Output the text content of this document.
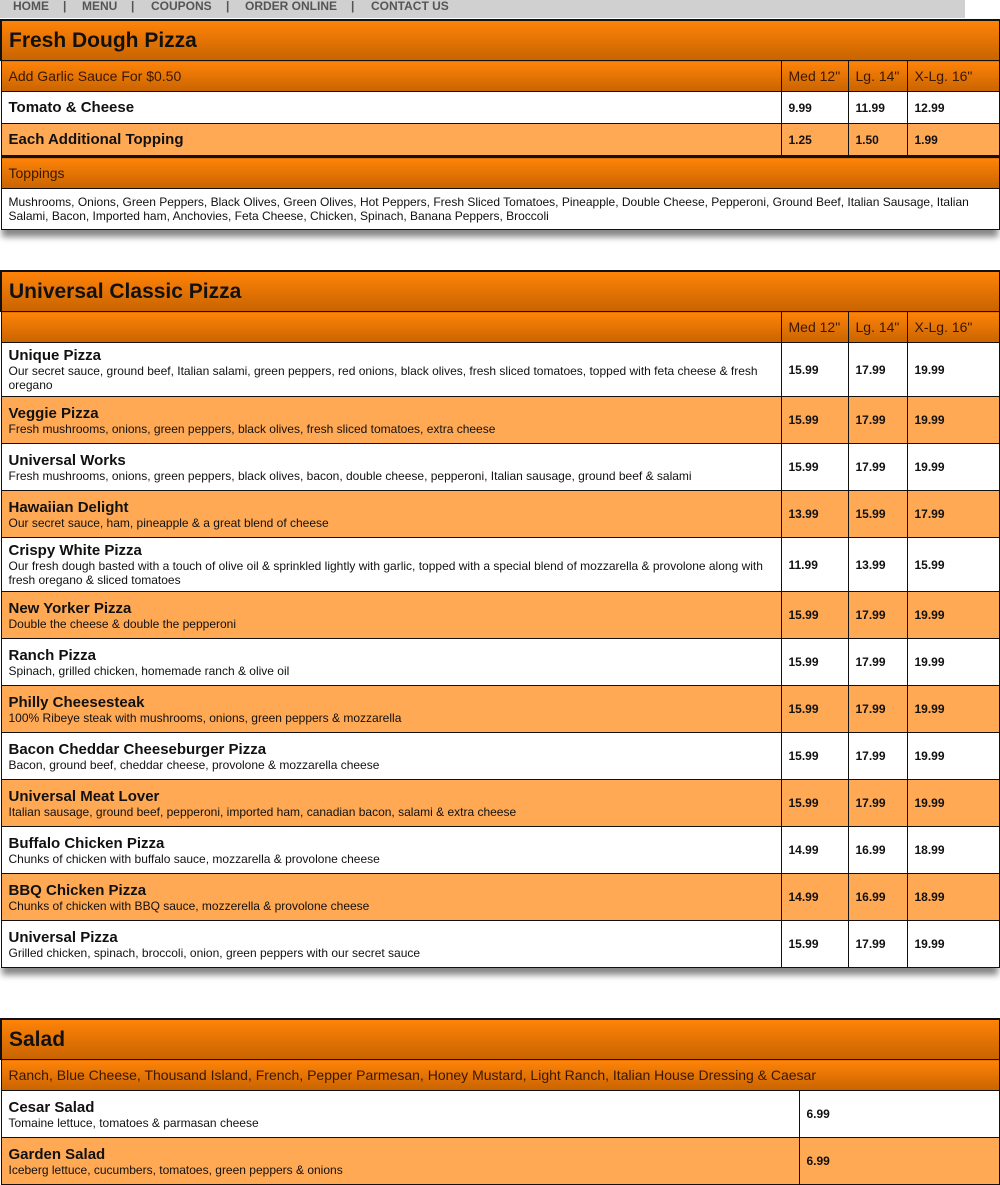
HOME | MENU | COUPONS | ORDER ONLINE | CONTACT US
Fresh Dough Pizza			
Add Garlic Sauce For $0.50	Med 12"	Lg. 14"	X-Lg. 16"
Tomato & Cheese	9.99	11.99	12.99
Each Additional Topping	1.25	1.50	1.99
Toppings			
Mushrooms, Onions, Green Peppers, Black Olives, Green Olives, Hot Peppers, Fresh Sliced Tomatoes, Pineapple, Double Cheese, Pepperoni, Ground Beef, Italian Sausage, Italian Salami, Bacon, Imported ham, Anchovies, Feta Cheese, Chicken, Spinach, Banana Peppers, Broccoli			
Universal Classic Pizza			
	Med 12"	Lg. 14"	X-Lg. 16"

Unique Pizza
Our secret sauce, ground beef, Italian salami, green peppers, red onions, black olives, fresh sliced tomatoes, topped with feta cheese & fresh oregano	15.99	17.99	19.99

Veggie Pizza
Fresh mushrooms, onions, green peppers, black olives, fresh sliced tomatoes, extra cheese	15.99	17.99	19.99

Universal Works
Fresh mushrooms, onions, green peppers, black olives, bacon, double cheese, pepperoni, Italian sausage, ground beef & salami	15.99	17.99	19.99

Hawaiian Delight
Our secret sauce, ham, pineapple & a great blend of cheese	13.99	15.99	17.99

Crispy White Pizza
Our fresh dough basted with a touch of olive oil & sprinkled lightly with garlic, topped with a special blend of mozzarella & provolone along with fresh oregano & sliced tomatoes	11.99	13.99	15.99

New Yorker Pizza
Double the cheese & double the pepperoni	15.99	17.99	19.99

Ranch Pizza
Spinach, grilled chicken, homemade ranch & olive oil	15.99	17.99	19.99

Philly Cheesesteak
100% Ribeye steak with mushrooms, onions, green peppers & mozzarella	15.99	17.99	19.99

Bacon Cheddar Cheeseburger Pizza
Bacon, ground beef, cheddar cheese, provolone & mozzarella cheese	15.99	17.99	19.99

Universal Meat Lover
Italian sausage, ground beef, pepperoni, imported ham, canadian bacon, salami & extra cheese	15.99	17.99	19.99

Buffalo Chicken Pizza
Chunks of chicken with buffalo sauce, mozzarella & provolone cheese	14.99	16.99	18.99

BBQ Chicken Pizza
Chunks of chicken with BBQ sauce, mozzerella & provolone cheese	14.99	16.99	18.99

Universal Pizza
Grilled chicken, spinach, broccoli, onion, green peppers with our secret sauce	15.99	17.99	19.99
Salad	
Ranch, Blue Cheese, Thousand Island, French, Pepper Parmesan, Honey Mustard, Light Ranch, Italian House Dressing & Caesar	

Cesar Salad
Tomaine lettuce, tomatoes & parmasan cheese	6.99

Garden Salad
Iceberg lettuce, cucumbers, tomatoes, green peppers & onions	6.99
